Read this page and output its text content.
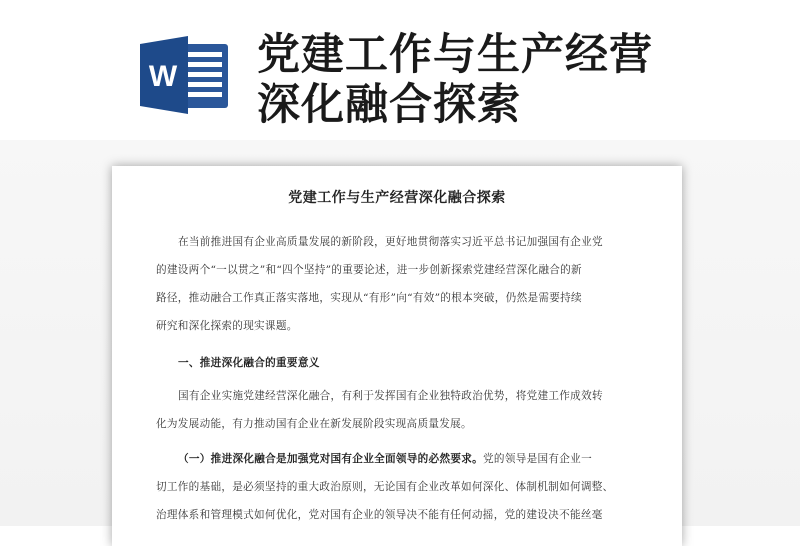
W 党建工作与生产经营
深化融合探索
党建工作与生产经营深化融合探索
在当前推进国有企业高质量发展的新阶段，更好地贯彻落实习近平总书记加强国有企业党
的建设两个“一以贯之”和“四个坚持”的重要论述，进一步创新探索党建经营深化融合的新
路径，推动融合工作真正落实落地，实现从“有形”向“有效”的根本突破，仍然是需要持续
研究和深化探索的现实课题。
一、推进深化融合的重要意义
国有企业实施党建经营深化融合，有利于发挥国有企业独特政治优势，将党建工作成效转
化为发展动能，有力推动国有企业在新发展阶段实现高质量发展。
（一）推进深化融合是加强党对国有企业全面领导的必然要求。党的领导是国有企业一
切工作的基础，是必须坚持的重大政治原则，无论国有企业改革如何深化、体制机制如何调整、
治理体系和管理模式如何优化，党对国有企业的领导决不能有任何动摇，党的建设决不能丝毫
